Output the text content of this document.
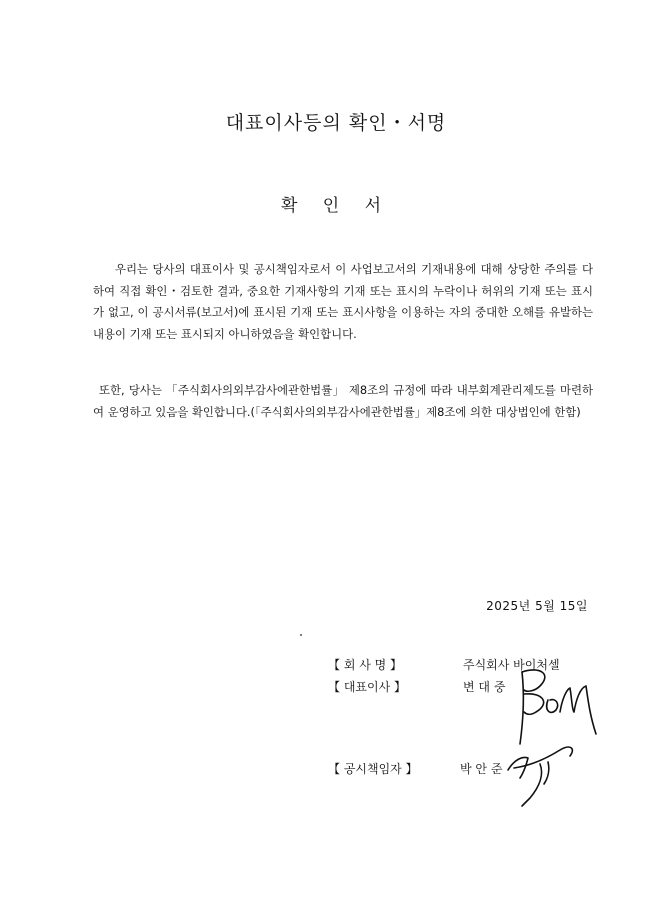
대표이사등의 확인・서명
확 인 서
우리는 당사의 대표이사 및 공시책임자로서 이 사업보고서의 기재내용에 대해 상당한 주의를 다하여 직접 확인・검토한 결과, 중요한 기재사항의 기재 또는 표시의 누락이나 허위의 기재 또는 표시가 없고, 이 공시서류(보고서)에 표시된 기재 또는 표시사항을 이용하는 자의 중대한 오해를 유발하는 내용이 기재 또는 표시되지 아니하였음을 확인합니다.
또한, 당사는 「주식회사의외부감사에관한법률」 제8조의 규정에 따라 내부회계관리제도를 마련하여 운영하고 있음을 확인합니다.(「주식회사의외부감사에관한법률」제8조에 의한 대상법인에 한함)
2025년 5월 15일
【 회 사 명 】	주식회사 바이처셀
【 대표이사 】	변 대 중
【 공시책임자 】	박 안 준
